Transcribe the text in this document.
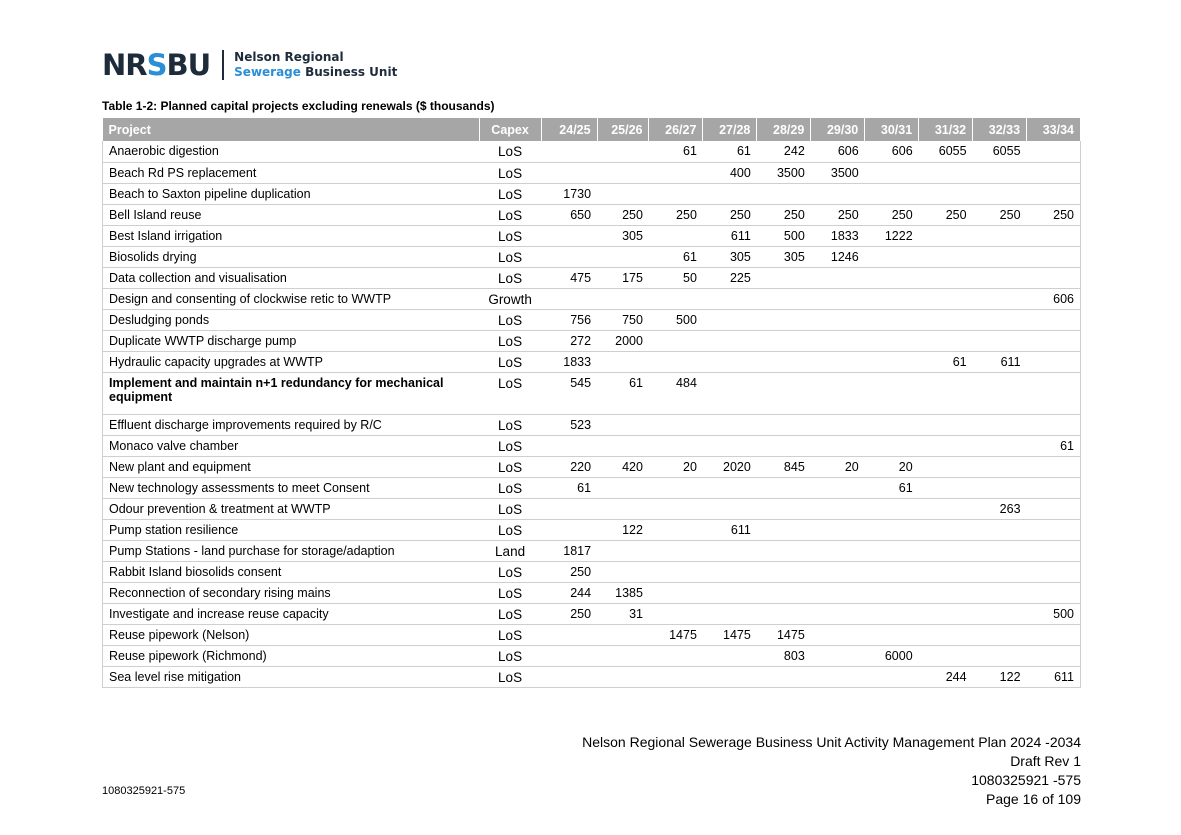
NRSBU Nelson Regional
Sewerage Business Unit
Table 1-2: Planned capital projects excluding renewals ($ thousands)
Project	Capex	24/25	25/26	26/27	27/28	28/29	29/30	30/31	31/32	32/33	33/34
Anaerobic digestion	LoS			61	61	242	606	606	6055	6055	
Beach Rd PS replacement	LoS				400	3500	3500				
Beach to Saxton pipeline duplication	LoS	1730									
Bell Island reuse	LoS	650	250	250	250	250	250	250	250	250	250
Best Island irrigation	LoS		305		611	500	1833	1222			
Biosolids drying	LoS			61	305	305	1246				
Data collection and visualisation	LoS	475	175	50	225						
Design and consenting of clockwise retic to WWTP	Growth										606
Desludging ponds	LoS	756	750	500							
Duplicate WWTP discharge pump	LoS	272	2000								
Hydraulic capacity upgrades at WWTP	LoS	1833							61	611	
Implement and maintain n+1 redundancy for mechanical equipment	LoS	545	61	484							
Effluent discharge improvements required by R/C	LoS	523									
Monaco valve chamber	LoS										61
New plant and equipment	LoS	220	420	20	2020	845	20	20			
New technology assessments to meet Consent	LoS	61						61			
Odour prevention & treatment at WWTP	LoS									263	
Pump station resilience	LoS		122		611						
Pump Stations - land purchase for storage/adaption	Land	1817									
Rabbit Island biosolids consent	LoS	250									
Reconnection of secondary rising mains	LoS	244	1385								
Investigate and increase reuse capacity	LoS	250	31								500
Reuse pipework (Nelson)	LoS			1475	1475	1475					
Reuse pipework (Richmond)	LoS					803		6000			
Sea level rise mitigation	LoS								244	122	611
Nelson Regional Sewerage Business Unit Activity Management Plan 2024 -2034
Draft Rev 1
1080325921 -575
Page 16 of 109
1080325921-575
